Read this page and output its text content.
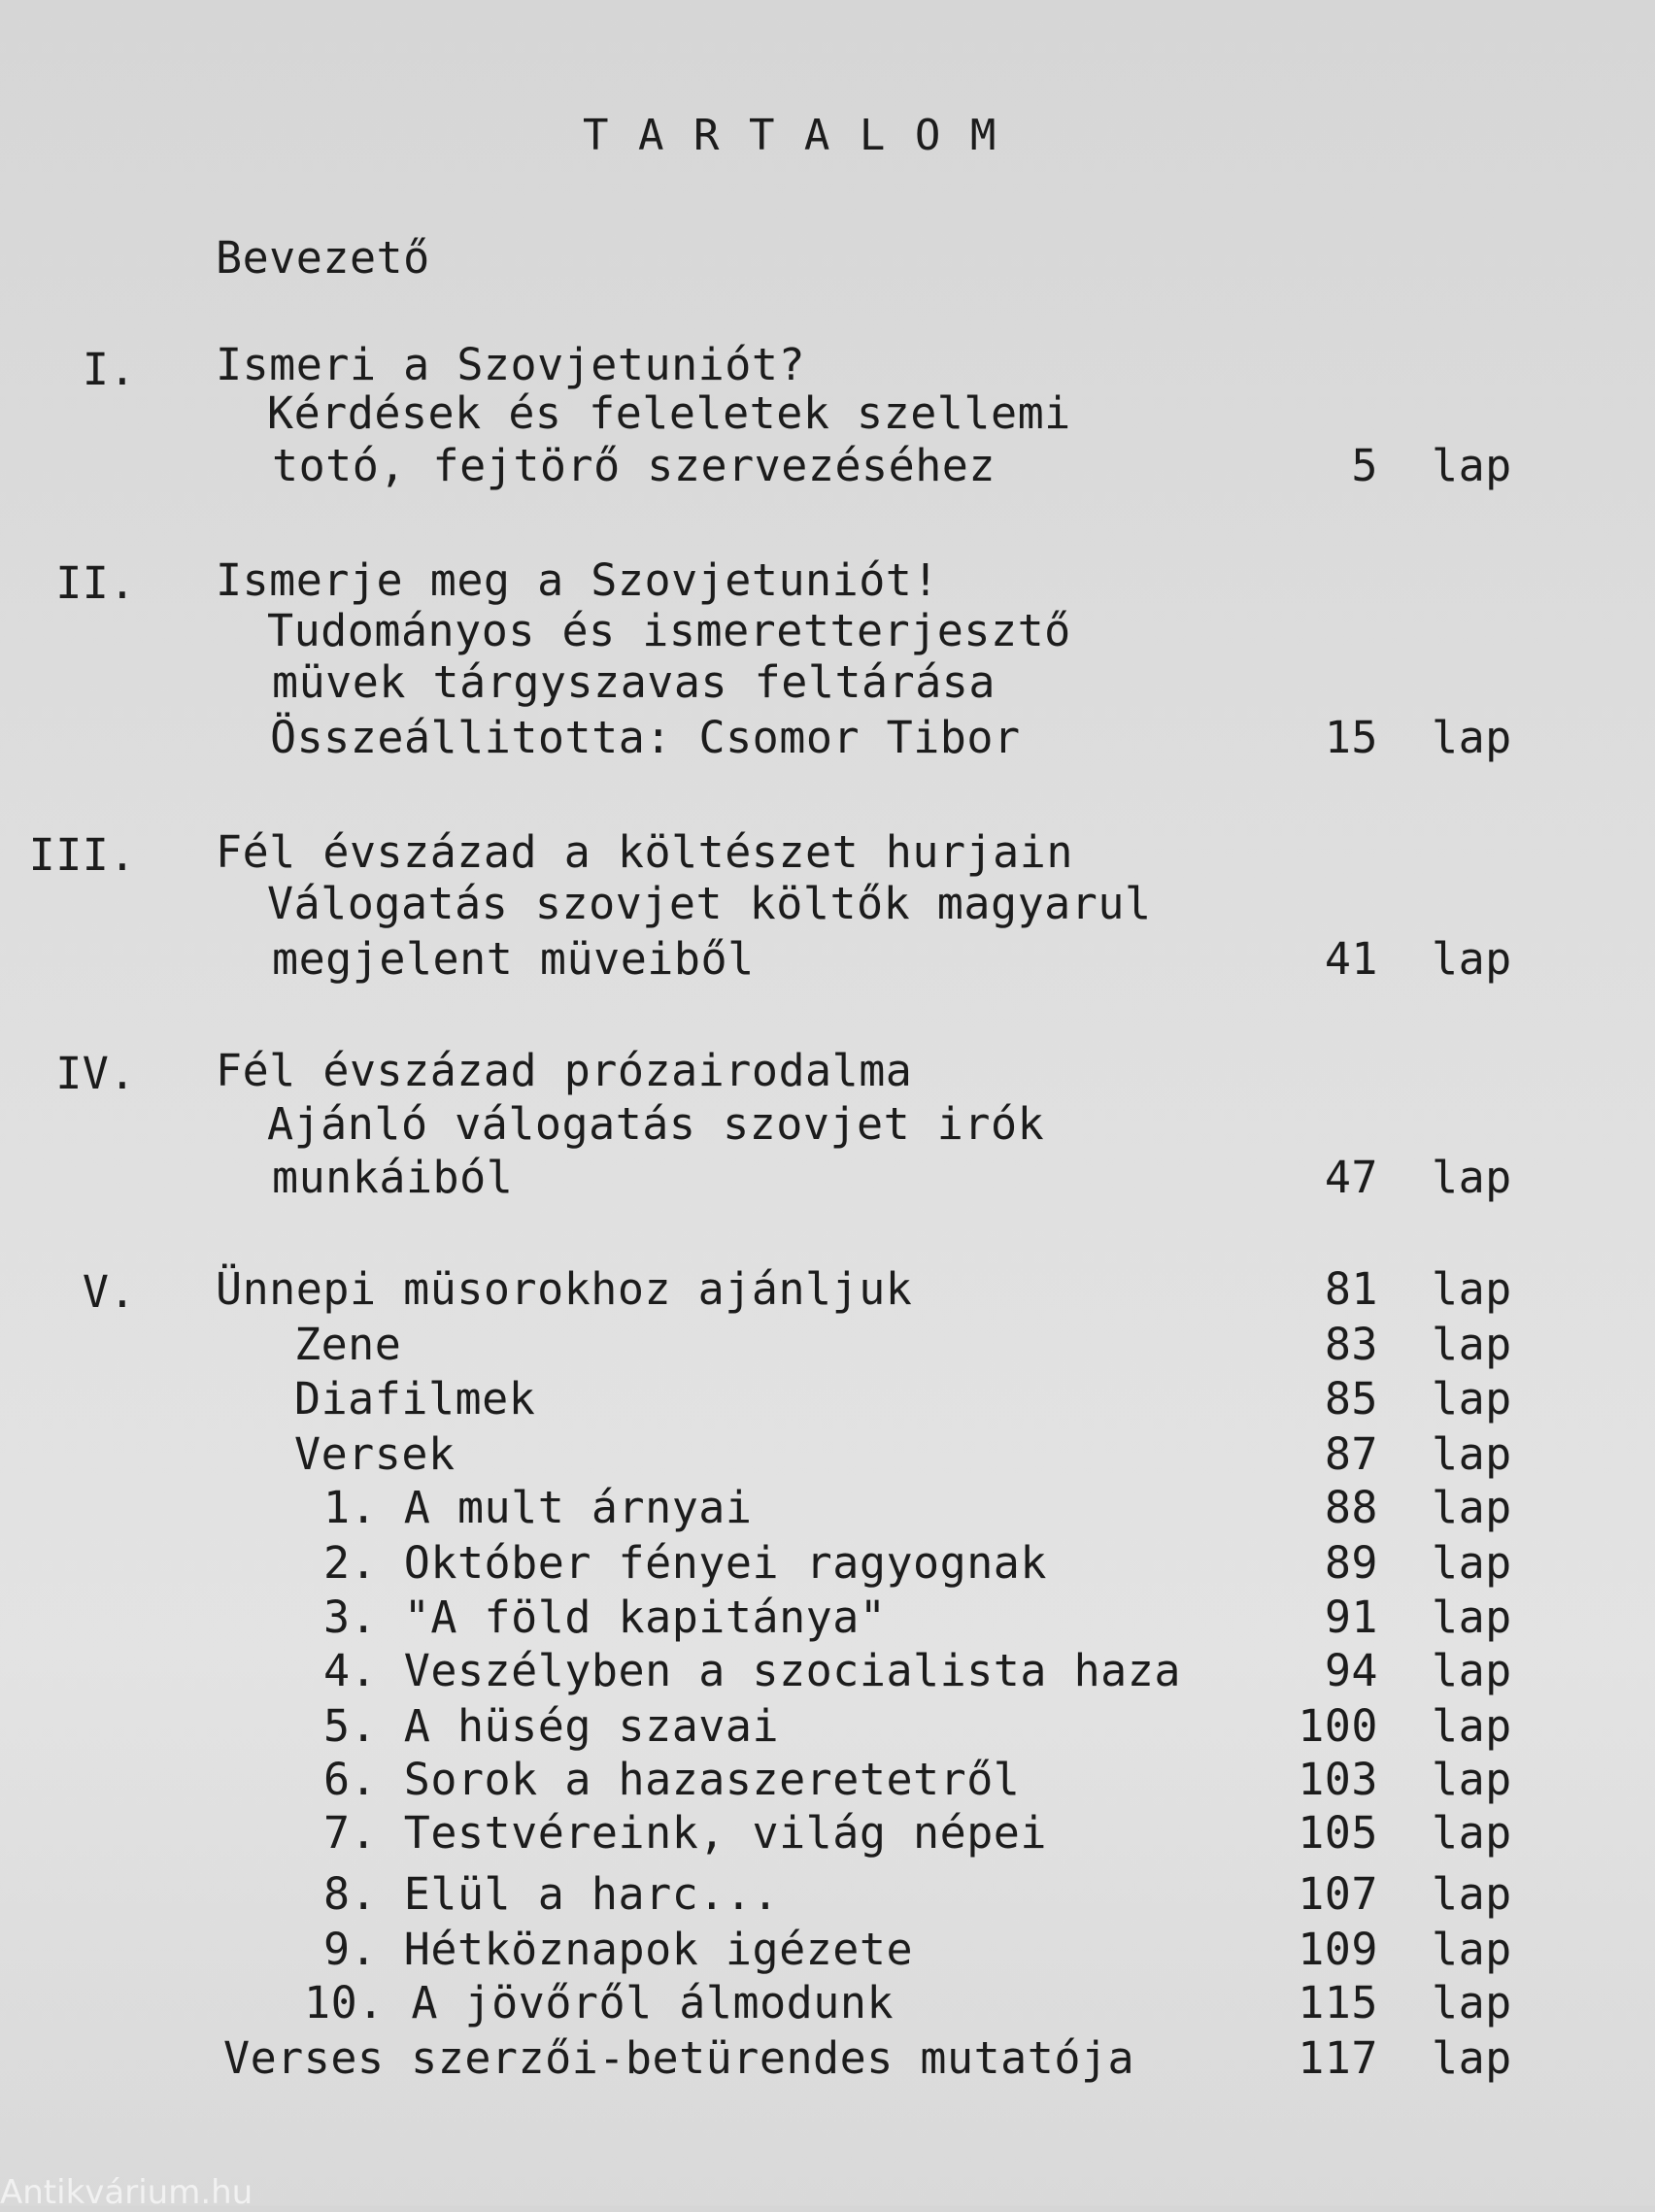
T A R T A L O M
Bevezető
I. Ismeri a Szovjetuniót?
Kérdések és feleletek szellemi
totó, fejtörő szervezéséhez	5 lap
II. Ismerje meg a Szovjetuniót!
Tudományos és ismeretterjesztő
müvek tárgyszavas feltárása
Összeállitotta: Csomor Tibor	15 lap
III. Fél évszázad a költészet hurjain
Válogatás szovjet költők magyarul
megjelent müveiből	41 lap
IV. Fél évszázad prózairodalma
Ajánló válogatás szovjet irók
munkáiból	47 lap
V. Ünnepi müsorokhoz ajánljuk	81 lap
Zene	83 lap
Diafilmek	85 lap
Versek	87 lap
1. A mult árnyai	88 lap
2. Október fényei ragyognak	89 lap
3. "A föld kapitánya"	91 lap
4. Veszélyben a szocialista haza	94 lap
5. A hüség szavai	100 lap
6. Sorok a hazaszeretetről	103 lap
7. Testvéreink, világ népei	105 lap
8. Elül a harc...	107 lap
9. Hétköznapok igézete	109 lap
10. A jövőről álmodunk	115 lap
Verses szerzői-betürendes mutatója	117 lap
Antikvárium.hu
